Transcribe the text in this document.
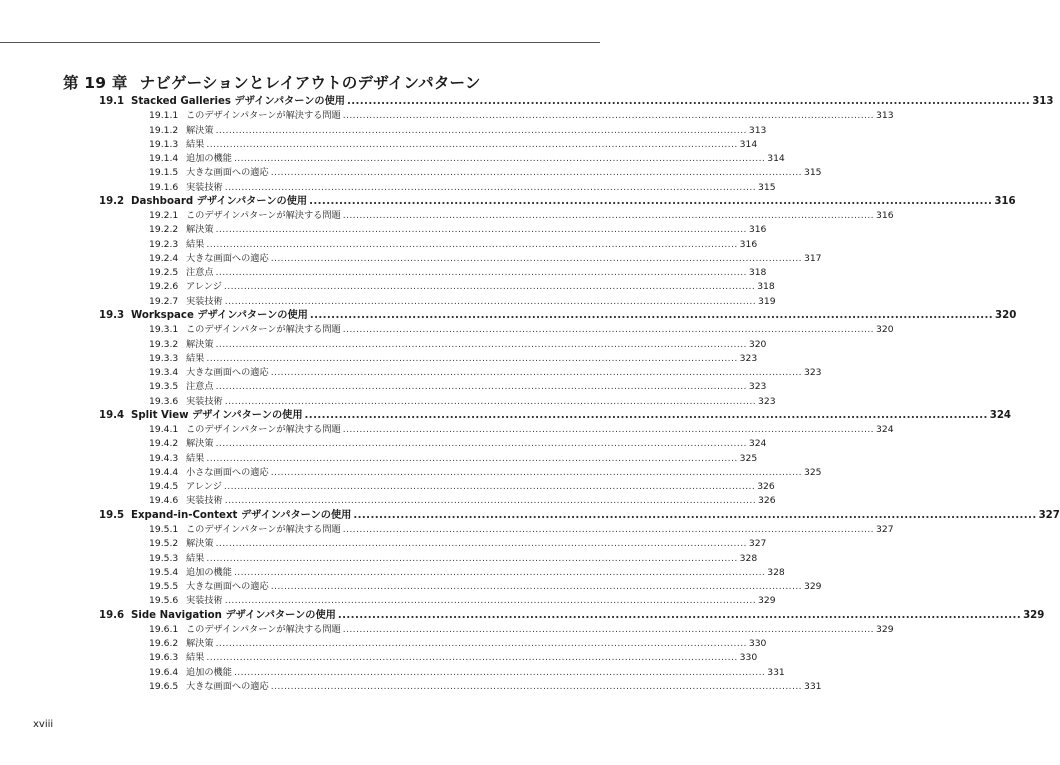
第 19 章 ナビゲーションとレイアウトのデザインパターン
19.1 Stacked Galleries デザインパターンの使用 ................................................................................................................................................................ 313
19.1.1 このデザインパターンが解決する問題 ................................................................................................................................................................ 313
19.1.2 解決策 ................................................................................................................................................................ 313
19.1.3 結果 ................................................................................................................................................................ 314
19.1.4 追加の機能 ................................................................................................................................................................ 314
19.1.5 大きな画面への適応 ................................................................................................................................................................ 315
19.1.6 実装技術 ................................................................................................................................................................ 315
19.2 Dashboard デザインパターンの使用 ................................................................................................................................................................ 316
19.2.1 このデザインパターンが解決する問題 ................................................................................................................................................................ 316
19.2.2 解決策 ................................................................................................................................................................ 316
19.2.3 結果 ................................................................................................................................................................ 316
19.2.4 大きな画面への適応 ................................................................................................................................................................ 317
19.2.5 注意点 ................................................................................................................................................................ 318
19.2.6 アレンジ ................................................................................................................................................................ 318
19.2.7 実装技術 ................................................................................................................................................................ 319
19.3 Workspace デザインパターンの使用 ................................................................................................................................................................ 320
19.3.1 このデザインパターンが解決する問題 ................................................................................................................................................................ 320
19.3.2 解決策 ................................................................................................................................................................ 320
19.3.3 結果 ................................................................................................................................................................ 323
19.3.4 大きな画面への適応 ................................................................................................................................................................ 323
19.3.5 注意点 ................................................................................................................................................................ 323
19.3.6 実装技術 ................................................................................................................................................................ 323
19.4 Split View デザインパターンの使用 ................................................................................................................................................................ 324
19.4.1 このデザインパターンが解決する問題 ................................................................................................................................................................ 324
19.4.2 解決策 ................................................................................................................................................................ 324
19.4.3 結果 ................................................................................................................................................................ 325
19.4.4 小さな画面への適応 ................................................................................................................................................................ 325
19.4.5 アレンジ ................................................................................................................................................................ 326
19.4.6 実装技術 ................................................................................................................................................................ 326
19.5 Expand-in-Context デザインパターンの使用 ................................................................................................................................................................ 327
19.5.1 このデザインパターンが解決する問題 ................................................................................................................................................................ 327
19.5.2 解決策 ................................................................................................................................................................ 327
19.5.3 結果 ................................................................................................................................................................ 328
19.5.4 追加の機能 ................................................................................................................................................................ 328
19.5.5 大きな画面への適応 ................................................................................................................................................................ 329
19.5.6 実装技術 ................................................................................................................................................................ 329
19.6 Side Navigation デザインパターンの使用 ................................................................................................................................................................ 329
19.6.1 このデザインパターンが解決する問題 ................................................................................................................................................................ 329
19.6.2 解決策 ................................................................................................................................................................ 330
19.6.3 結果 ................................................................................................................................................................ 330
19.6.4 追加の機能 ................................................................................................................................................................ 331
19.6.5 大きな画面への適応 ................................................................................................................................................................ 331
xviii
